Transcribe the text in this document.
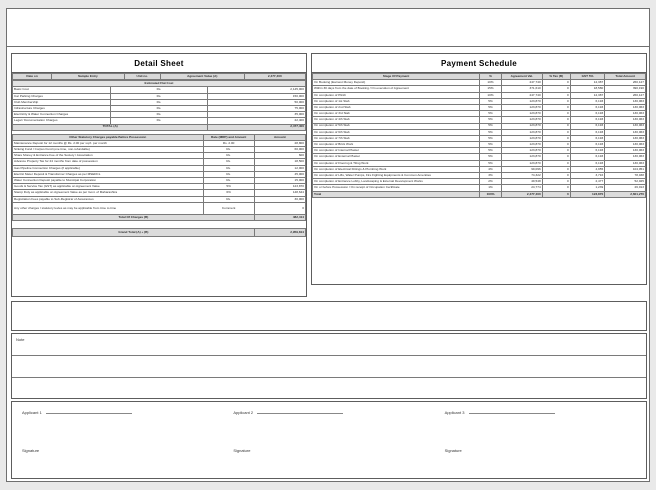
Detail Sheet
Date on	Sample Entry	Unit no.	Agreement Value (A)	2,477,400
Estimated Flat Cost		
Basic Cost	Rs.	2,145,000
Car Parking Charges	Rs.	150,000
Club Membership	Rs.	50,000
Infrastructure Charges	Rs.	75,000
Electricity & Water Connection Charges	Rs.	35,000
Legal / Documentation Charges	Rs.	22,400
TOTAL (A)		2,477,400
Other Statutory Charges payable Before Possession	Rate (MRP) and Amount	Amount
Maintenance Deposit for 12 months @ Rs. 2.00 per sq.ft. per month	Rs. 2.00	28,800
Sinking Fund / Corpus Fund (one time, non-refundable)	Rs.	60,000
Share Money & Entrance Fee of the Society / Association	Rs.	600
Advance Property Tax for 24 months from date of possession	Rs.	18,500
Gas Pipeline Connection Charges (if applicable)	Rs.	12,000
Electric Meter Deposit & Transformer Charges as per MSEDCL	Rs.	45,000
Water Connection Deposit payable to Municipal Corporation	Rs.	15,000
Goods & Service Tax (GST) as applicable on Agreement Value	5%	123,870
Stamp Duty as applicable on Agreement Value as per Govt. of Maharashtra	6%	148,644
Registration Fees payable to Sub-Registrar of Assurances	Rs.	30,000
Any other charges / statutory levies as may be applicable from time to time	Comment	0
Total Of Charges (B)		482,414

Grand Total (A) + (B)		2,959,814
Payment Schedule
Stage Of Payment	%	Agreement Val.	% Tax (B)	GST 5%	Total Amount
On Booking (Earnest Money Deposit)	10%	247,740	0	12,387	260,127
Within 30 days from the date of Booking / On execution of Agreement	15%	371,610	0	18,580	390,190
On completion of Plinth	10%	247,740	0	12,387	260,127
On completion of 1st Slab	5%	123,870	0	6,193	130,063
On completion of 2nd Slab	5%	123,870	0	6,193	130,063
On completion of 3rd Slab	5%	123,870	0	6,193	130,063
On completion of 4th Slab	5%	123,870	0	6,193	130,063
On completion of 5th Slab	5%	123,870	0	6,193	130,063
On completion of 6th Slab	5%	123,870	0	6,193	130,063
On completion of 7th Slab	5%	123,870	0	6,193	130,063
On completion of Brick Work	5%	123,870	0	6,193	130,063
On completion of Internal Plaster	5%	123,870	0	6,193	130,063
On completion of External Plaster	5%	123,870	0	6,193	130,063
On completion of Flooring & Tiling Work	5%	123,870	0	6,193	130,063
On completion of Electrical Fittings & Plumbing Work	4%	99,096	0	4,955	104,051
On completion of Lifts, Water Pumps, Fire Fighting Equipments & Common Amenities	3%	74,322	0	3,716	78,038
On completion of Entrance Lobby, Landscaping & External Development Works	2%	49,548	0	2,477	52,025
On or before Possession / On receipt of Occupation Certificate	1%	24,774	0	1,239	26,013
Total	100%	2,477,400	0	123,870	2,601,270
Note
Applicant 1	Applicant 2	Applicant 3
Signature	Signature	Signature
